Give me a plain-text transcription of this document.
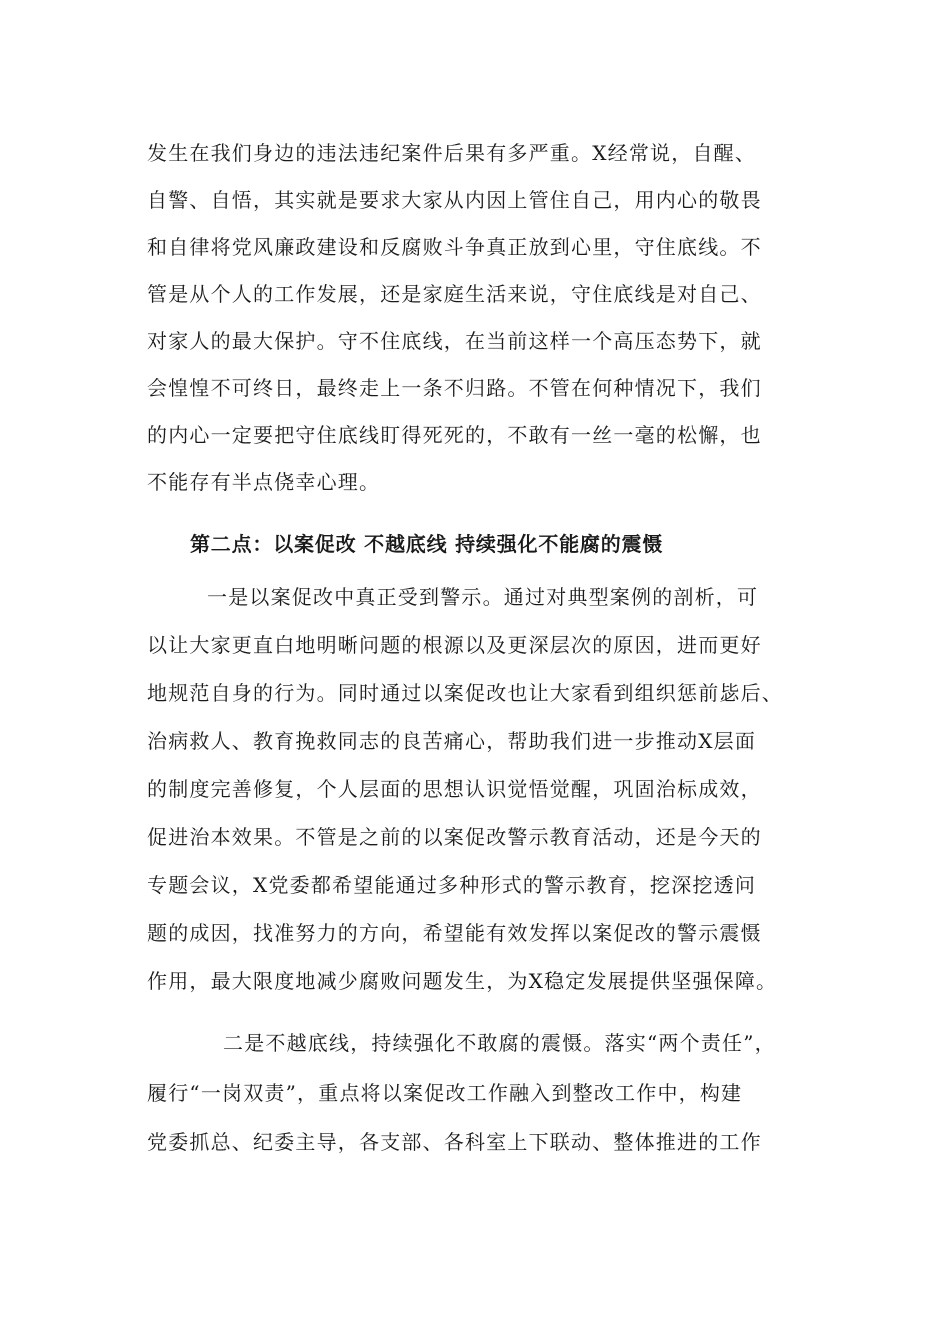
发生在我们身边的违法违纪案件后果有多严重。X经常说，自醒、
自警、自悟，其实就是要求大家从内因上管住自己，用内心的敬畏
和自律将党风廉政建设和反腐败斗争真正放到心里，守住底线。不
管是从个人的工作发展，还是家庭生活来说，守住底线是对自己、
对家人的最大保护。守不住底线，在当前这样一个高压态势下，就
会惶惶不可终日，最终走上一条不归路。不管在何种情况下，我们
的内心一定要把守住底线盯得死死的，不敢有一丝一毫的松懈，也
不能存有半点侥幸心理。
第二点：以案促改 不越底线 持续强化不能腐的震慑
一是以案促改中真正受到警示。通过对典型案例的剖析，可
以让大家更直白地明晰问题的根源以及更深层次的原因，进而更好
地规范自身的行为。同时通过以案促改也让大家看到组织惩前毖后、
治病救人、教育挽救同志的良苦痛心，帮助我们进一步推动X层面
的制度完善修复，个人层面的思想认识觉悟觉醒，巩固治标成效，
促进治本效果。不管是之前的以案促改警示教育活动，还是今天的
专题会议，X党委都希望能通过多种形式的警示教育，挖深挖透问
题的成因，找准努力的方向，希望能有效发挥以案促改的警示震慑
作用，最大限度地减少腐败问题发生，为X稳定发展提供坚强保障。
二是不越底线，持续强化不敢腐的震慑。落实“两个责任”，
履行“一岗双责”，重点将以案促改工作融入到整改工作中，构建
党委抓总、纪委主导，各支部、各科室上下联动、整体推进的工作
